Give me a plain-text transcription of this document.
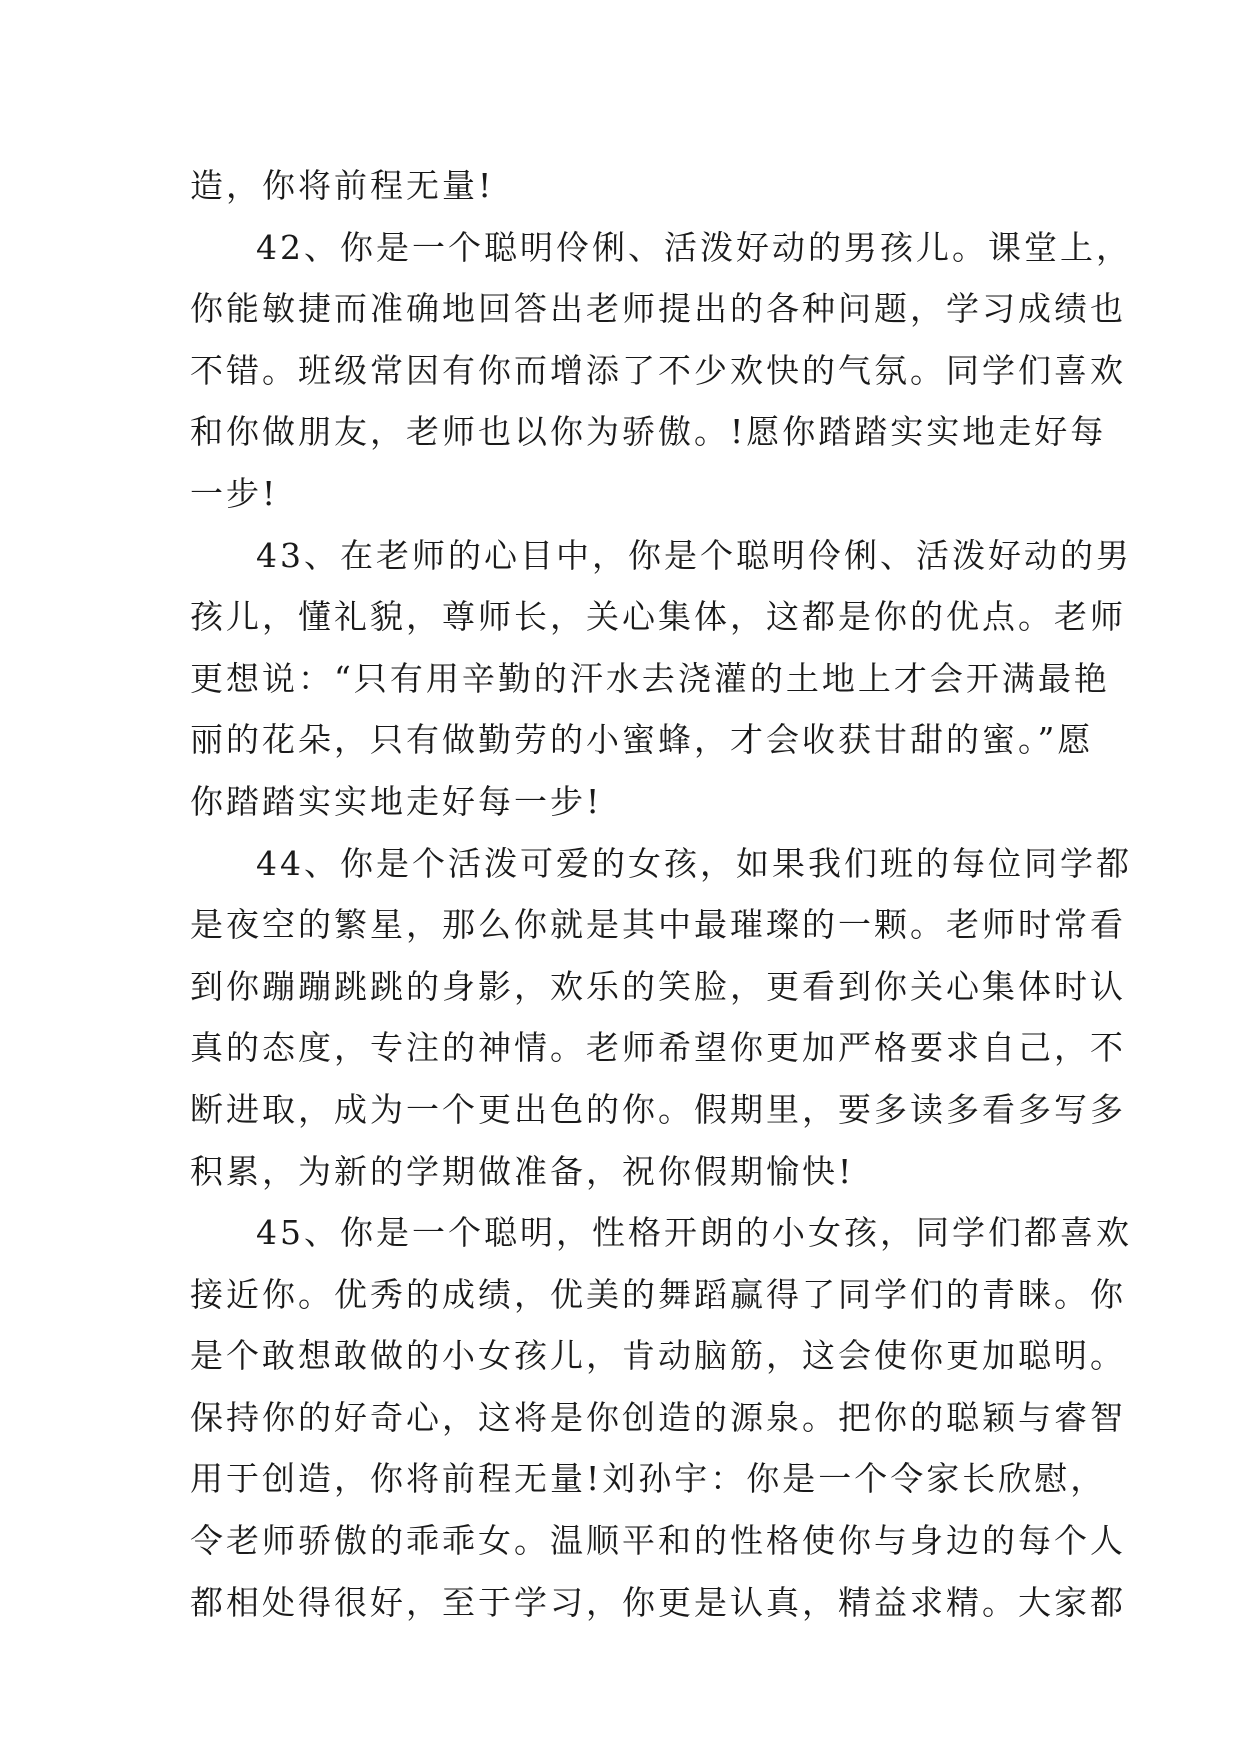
造，你将前程无量!
42、你是一个聪明伶俐、活泼好动的男孩儿。课堂上，
你能敏捷而准确地回答出老师提出的各种问题，学习成绩也
不错。班级常因有你而增添了不少欢快的气氛。同学们喜欢
和你做朋友，老师也以你为骄傲。!愿你踏踏实实地走好每
一步!
43、在老师的心目中，你是个聪明伶俐、活泼好动的男
孩儿，懂礼貌，尊师长，关心集体，这都是你的优点。老师
更想说：“只有用辛勤的汗水去浇灌的土地上才会开满最艳
丽的花朵，只有做勤劳的小蜜蜂，才会收获甘甜的蜜。”愿
你踏踏实实地走好每一步!
44、你是个活泼可爱的女孩，如果我们班的每位同学都
是夜空的繁星，那么你就是其中最璀璨的一颗。老师时常看
到你蹦蹦跳跳的身影，欢乐的笑脸，更看到你关心集体时认
真的态度，专注的神情。老师希望你更加严格要求自己，不
断进取，成为一个更出色的你。假期里，要多读多看多写多
积累，为新的学期做准备，祝你假期愉快!
45、你是一个聪明，性格开朗的小女孩，同学们都喜欢
接近你。优秀的成绩，优美的舞蹈赢得了同学们的青睐。你
是个敢想敢做的小女孩儿，肯动脑筋，这会使你更加聪明。
保持你的好奇心，这将是你创造的源泉。把你的聪颖与睿智
用于创造，你将前程无量!刘孙宇：你是一个令家长欣慰，
令老师骄傲的乖乖女。温顺平和的性格使你与身边的每个人
都相处得很好，至于学习，你更是认真，精益求精。大家都
